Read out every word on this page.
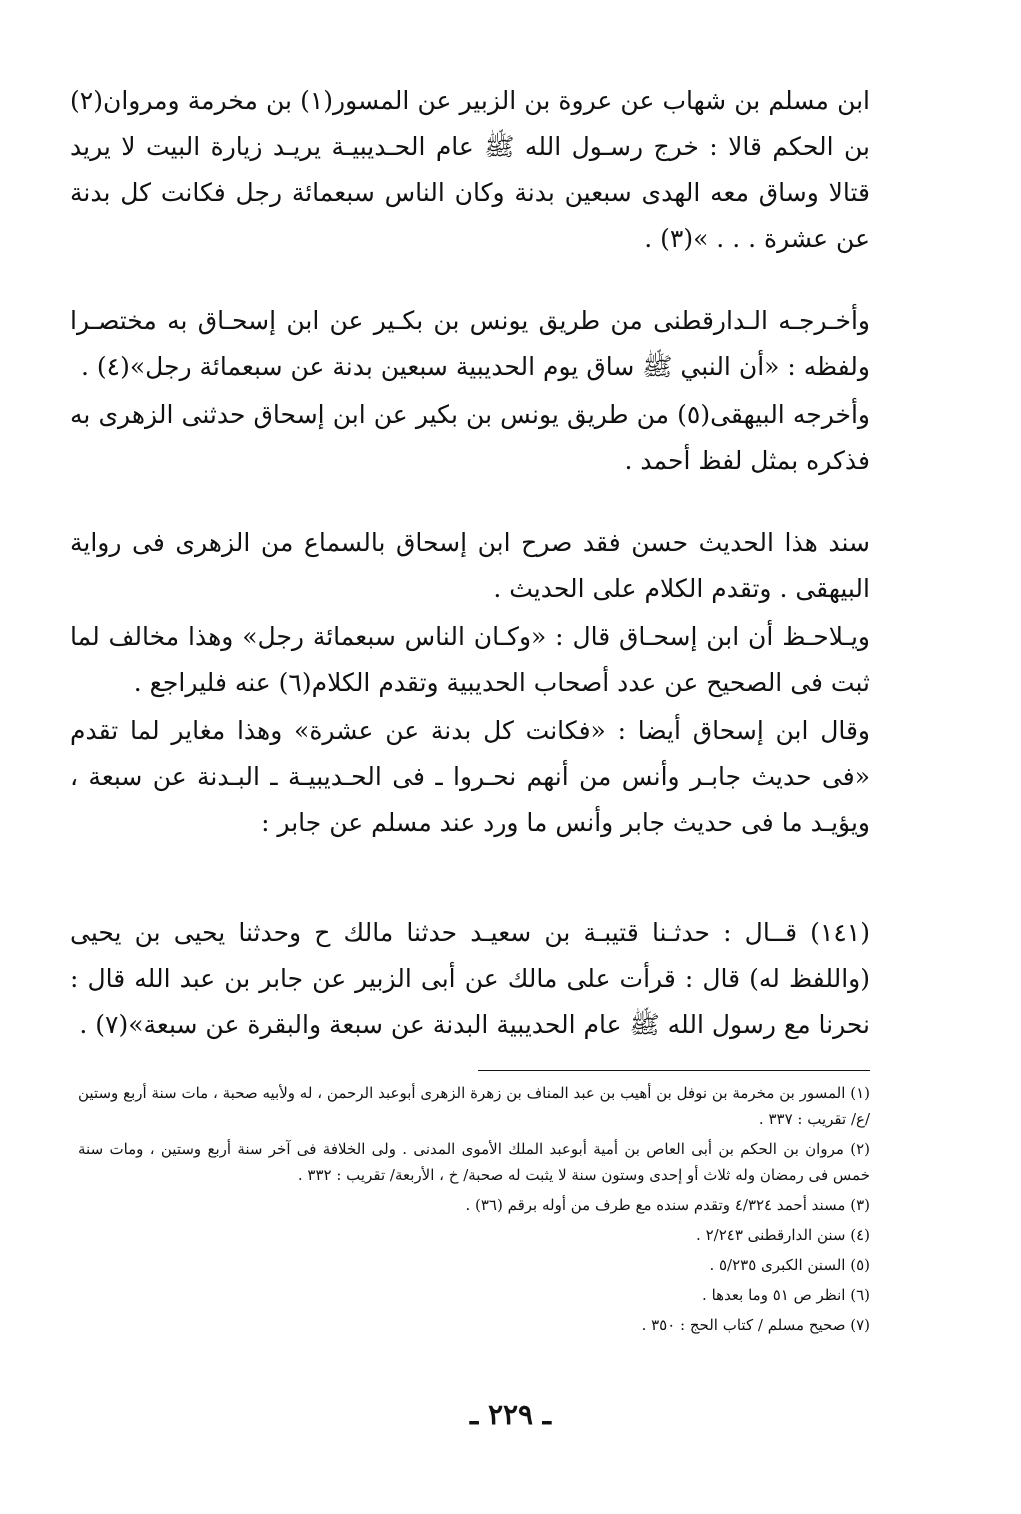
ابن مسلم بن شهاب عن عروة بن الزبير عن المسور(١) بن مخرمة ومروان(٢) بن الحكم قالا : خرج رسـول الله ﷺ عام الحـديبيـة يريـد زيارة البيت لا يريد قتالا وساق معه الهدى سبعين بدنة وكان الناس سبعمائة رجل فكانت كل بدنة عن عشرة . . . »(٣) .

وأخـرجـه الـدارقطنى من طريق يونس بن بكـير عن ابن إسحـاق به مختصـرا ولفظه : «أن النبي ﷺ ساق يوم الحديبية سبعين بدنة عن سبعمائة رجل»(٤) .

وأخرجه البيهقى(٥) من طريق يونس بن بكير عن ابن إسحاق حدثنى الزهرى به فذكره بمثل لفظ أحمد .

سند هذا الحديث حسن فقد صرح ابن إسحاق بالسماع من الزهرى فى رواية البيهقى . وتقدم الكلام على الحديث .

ويـلاحـظ أن ابن إسحـاق قال : «وكـان الناس سبعمائة رجل» وهذا مخالف لما ثبت فى الصحيح عن عدد أصحاب الحديبية وتقدم الكلام(٦) عنه فليراجع .

وقال ابن إسحاق أيضا : «فكانت كل بدنة عن عشرة» وهذا مغاير لما تقدم «فى حديث جابـر وأنس من أنهم نحـروا ـ فى الحـديبيـة ـ البـدنة عن سبعة ، ويؤيـد ما فى حديث جابر وأنس ما ورد عند مسلم عن جابر :

(١٤١) قــال : حدثـنا قتيبـة بن سعيـد حدثنا مالك ح وحدثنا يحيى بن يحيى (واللفظ له) قال : قرأت على مالك عن أبى الزبير عن جابر بن عبد الله قال : نحرنا مع رسول الله ﷺ عام الحديبية البدنة عن سبعة والبقرة عن سبعة»(٧) .

(١) المسور بن مخرمة بن نوفل بن أهيب بن عبد المناف بن زهرة الزهرى أبوعبد الرحمن ، له ولأبيه صحبة ، مات سنة أربع وستين /ع/ تقريب : ٣٣٧ .

(٢) مروان بن الحكم بن أبى العاص بن أمية أبوعبد الملك الأموى المدنى . ولى الخلافة فى آخر سنة أربع وستين ، ومات سنة خمس فى رمضان وله ثلاث أو إحدى وستون سنة لا يثبت له صحبة/ خ ، الأربعة/ تقريب : ٣٣٢ .

(٣) مسند أحمد ٤/٣٢٤ وتقدم سنده مع طرف من أوله برقم (٣٦) .

(٤) سنن الدارقطنى ٢/٢٤٣ .

(٥) السنن الكبرى ٥/٢٣٥ .

(٦) انظر ص ٥١ وما بعدها .

(٧) صحيح مسلم / كتاب الحج : ٣٥٠ .

ـ ٢٢٩ ـ
